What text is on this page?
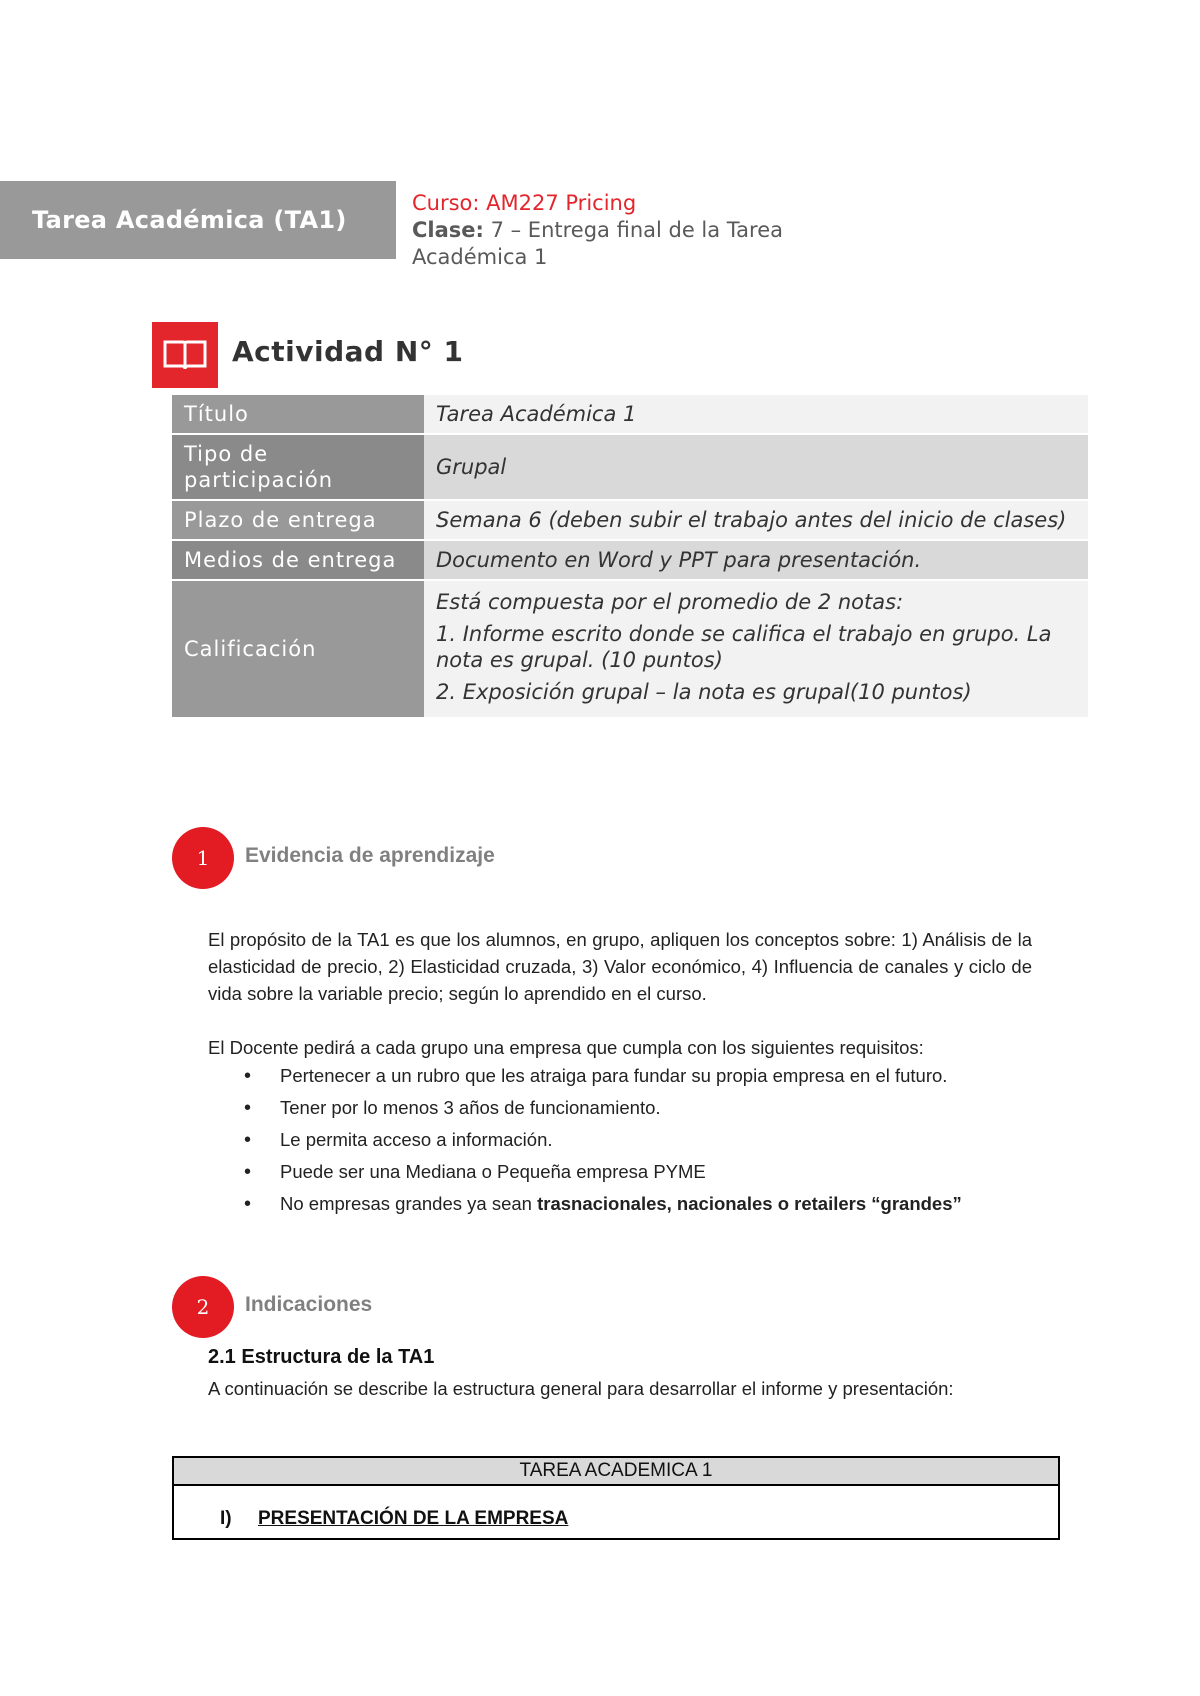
Tarea Académica (TA1)
Curso: AM227 Pricing
Clase: 7 – Entrega final de la Tarea
Académica 1
Actividad N° 1
Título	Tarea Académica 1
Tipo de participación	Grupal
Plazo de entrega	Semana 6 (deben subir el trabajo antes del inicio de clases)
Medios de entrega	Documento en Word y PPT para presentación.
Calificación	Está compuesta por el promedio de 2 notas:

1. Informe escrito donde se califica el trabajo en grupo. La nota es grupal. (10 puntos)

2. Exposición grupal – la nota es grupal(10 puntos)

1	Evidencia de aprendizaje
El propósito de la TA1 es que los alumnos, en grupo, apliquen los conceptos sobre: 1) Análisis de la elasticidad de precio, 2) Elasticidad cruzada, 3) Valor económico, 4) Influencia de canales y ciclo de vida sobre la variable precio; según lo aprendido en el curso.
El Docente pedirá a cada grupo una empresa que cumpla con los siguientes requisitos:
• Pertenecer a un rubro que les atraiga para fundar su propia empresa en el futuro.
• Tener por lo menos 3 años de funcionamiento.
• Le permita acceso a información.
• Puede ser una Mediana o Pequeña empresa PYME
• No empresas grandes ya sean trasnacionales, nacionales o retailers “grandes”
2	Indicaciones
2.1 Estructura de la TA1
A continuación se describe la estructura general para desarrollar el informe y presentación:
TAREA ACADEMICA 1
I) PRESENTACIÓN DE LA EMPRESA
